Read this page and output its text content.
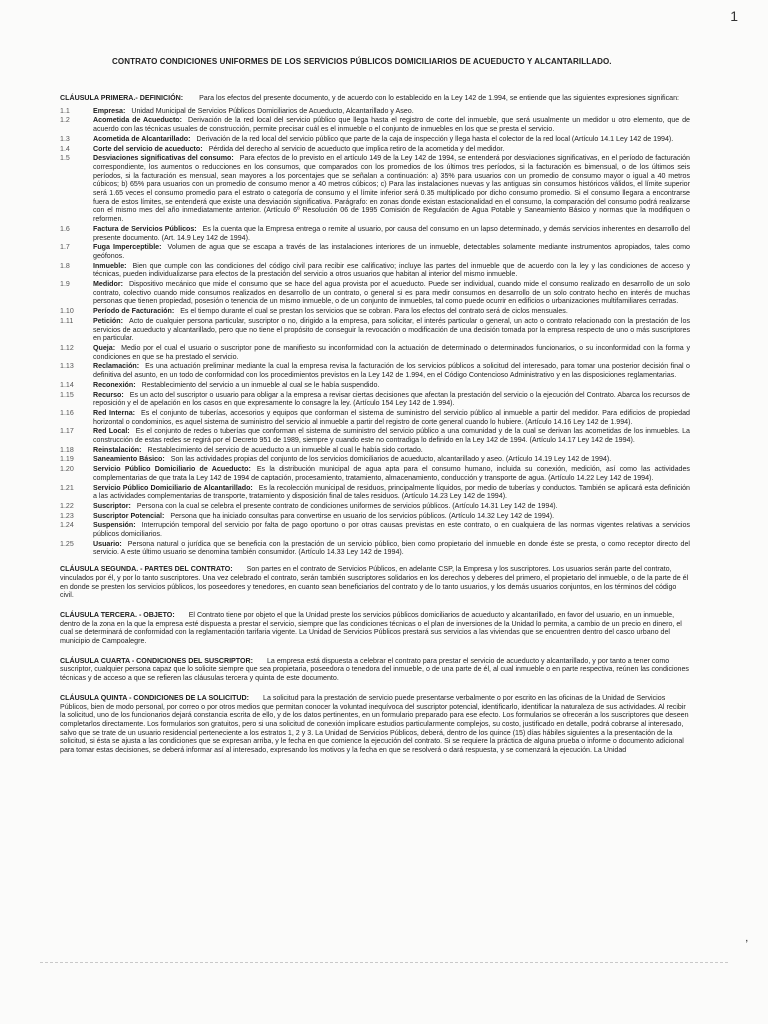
1
CONTRATO CONDICIONES UNIFORMES DE LOS SERVICIOS PÚBLICOS DOMICILIARIOS DE ACUEDUCTO Y ALCANTARILLADO.
CLÁUSULA PRIMERA.- DEFINICIÓN: Para los efectos del presente documento, y de acuerdo con lo establecido en la Ley 142 de 1.994, se entiende que las siguientes expresiones significan:
1.1	Empresa: Unidad Municipal de Servicios Públicos Domiciliarios de Acueducto, Alcantarillado y Aseo.
1.2	Acometida de Acueducto: Derivación de la red local del servicio público que llega hasta el registro de corte del inmueble, que será usualmente un medidor u otro elemento, que de acuerdo con las técnicas usuales de construcción, permite precisar cuál es el inmueble o el conjunto de inmuebles en los que se presta el servicio.
1.3	Acometida de Alcantarillado: Derivación de la red local del servicio público que parte de la caja de inspección y llega hasta el colector de la red local (Artículo 14.1 Ley 142 de 1994).
1.4	Corte del servicio de acueducto: Pérdida del derecho al servicio de acueducto que implica retiro de la acometida y del medidor.
1.5	Desviaciones significativas del consumo: Para efectos de lo previsto en el artículo 149 de la Ley 142 de 1994, se entenderá por desviaciones significativas, en el período de facturación correspondiente, los aumentos o reducciones en los consumos, que comparados con los promedios de los últimos tres períodos, si la facturación es bimensual, o de los últimos seis períodos, si la facturación es mensual, sean mayores a los porcentajes que se señalan a continuación: a) 35% para usuarios con un promedio de consumo mayor o igual a 40 metros cúbicos; b) 65% para usuarios con un promedio de consumo menor a 40 metros cúbicos; c) Para las instalaciones nuevas y las antiguas sin consumos históricos válidos, el límite superior será 1.65 veces el consumo promedio para el estrato o categoría de consumo y el límite inferior será 0.35 multiplicado por dicho consumo promedio. Si el consumo llegara a encontrarse fuera de estos límites, se entenderá que existe una desviación significativa. Parágrafo: en zonas donde existan estacionalidad en el consumo, la comparación del consumo podrá realizarse con el mismo mes del año inmediatamente anterior. (Artículo 6º Resolución 06 de 1995 Comisión de Regulación de Agua Potable y Saneamiento Básico y normas que la modifiquen o reformen.
1.6	Factura de Servicios Públicos: Es la cuenta que la Empresa entrega o remite al usuario, por causa del consumo en un lapso determinado, y demás servicios inherentes en desarrollo del presente documento. (Art. 14.9 Ley 142 de 1994).
1.7	Fuga Imperceptible: Volumen de agua que se escapa a través de las instalaciones interiores de un inmueble, detectables solamente mediante instrumentos apropiados, tales como geófonos.
1.8	Inmueble: Bien que cumple con las condiciones del código civil para recibir ese calificativo; incluye las partes del inmueble que de acuerdo con la ley y las condiciones de acceso y técnicas, pueden individualizarse para efectos de la prestación del servicio a otros usuarios que habitan al interior del mismo inmueble.
1.9	Medidor: Dispositivo mecánico que mide el consumo que se hace del agua provista por el acueducto. Puede ser individual, cuando mide el consumo realizado en desarrollo de un solo contrato, colectivo cuando mide consumos realizados en desarrollo de un contrato, o general si es para medir consumos en desarrollo de un solo contrato hecho en interés de muchas personas que tienen propiedad, posesión o tenencia de un mismo inmueble, o de un conjunto de inmuebles, tal como puede ocurrir en edificios o urbanizaciones multifamiliares cerradas.
1.10	Período de Facturación: Es el tiempo durante el cual se prestan los servicios que se cobran. Para los efectos del contrato será de ciclos mensuales.
1.11	Petición: Acto de cualquier persona particular, suscriptor o no, dirigido a la empresa, para solicitar, el interés particular o general, un acto o contrato relacionado con la prestación de los servicios de acueducto y alcantarillado, pero que no tiene el propósito de conseguir la revocación o modificación de una decisión tomada por la empresa respecto de uno o más suscriptores en particular.
1.12	Queja: Medio por el cual el usuario o suscriptor pone de manifiesto su inconformidad con la actuación de determinado o determinados funcionarios, o su inconformidad con la forma y condiciones en que se ha prestado el servicio.
1.13	Reclamación: Es una actuación preliminar mediante la cual la empresa revisa la facturación de los servicios públicos a solicitud del interesado, para tomar una posterior decisión final o definitiva del asunto, en un todo de conformidad con los procedimientos previstos en la Ley 142 de 1.994, en el Código Contencioso Administrativo y en las disposiciones reglamentarias.
1.14	Reconexión: Restablecimiento del servicio a un inmueble al cual se le había suspendido.
1.15	Recurso: Es un acto del suscriptor o usuario para obligar a la empresa a revisar ciertas decisiones que afectan la prestación del servicio o la ejecución del Contrato. Abarca los recursos de reposición y el de apelación en los casos en que expresamente lo consagre la ley. (Artículo 154 Ley 142 de 1.994).
1.16	Red Interna: Es el conjunto de tuberías, accesorios y equipos que conforman el sistema de suministro del servicio público al inmueble a partir del medidor. Para edificios de propiedad horizontal o condominios, es aquel sistema de suministro del servicio al inmueble a partir del registro de corte general cuando lo hubiere. (Artículo 14.16 Ley 142 de 1.994).
1.17	Red Local: Es el conjunto de redes o tuberías que conforman el sistema de suministro del servicio público a una comunidad y de la cual se derivan las acometidas de los inmuebles. La construcción de estas redes se regirá por el Decreto 951 de 1989, siempre y cuando este no contradiga lo definido en la Ley 142 de 1994. (Artículo 14.17 Ley 142 de 1994).
1.18	Reinstalación: Restablecimiento del servicio de acueducto a un inmueble al cual le había sido cortado.
1.19	Saneamiento Básico: Son las actividades propias del conjunto de los servicios domiciliarios de acueducto, alcantarillado y aseo. (Artículo 14.19 Ley 142 de 1994).
1.20	Servicio Público Domiciliario de Acueducto: Es la distribución municipal de agua apta para el consumo humano, incluida su conexión, medición, así como las actividades complementarias de que trata la Ley 142 de 1994 de captación, procesamiento, tratamiento, almacenamiento, conducción y transporte de agua. (Artículo 14.22 Ley 142 de 1994).
1.21	Servicio Público Domiciliario de Alcantarillado: Es la recolección municipal de residuos, principalmente líquidos, por medio de tuberías y conductos. También se aplicará esta definición a las actividades complementarias de transporte, tratamiento y disposición final de tales residuos. (Artículo 14.23 Ley 142 de 1994).
1.22	Suscriptor: Persona con la cual se celebra el presente contrato de condiciones uniformes de servicios públicos. (Artículo 14.31 Ley 142 de 1994).
1.23	Suscriptor Potencial: Persona que ha iniciado consultas para convertirse en usuario de los servicios públicos. (Artículo 14.32 Ley 142 de 1994).
1.24	Suspensión: Interrupción temporal del servicio por falta de pago oportuno o por otras causas previstas en este contrato, o en cualquiera de las normas vigentes relativas a servicios públicos domiciliarios.
1.25	Usuario: Persona natural o jurídica que se beneficia con la prestación de un servicio público, bien como propietario del inmueble en donde éste se presta, o como receptor directo del servicio. A este último usuario se denomina también consumidor. (Artículo 14.33 Ley 142 de 1994).
CLÁUSULA SEGUNDA. - PARTES DEL CONTRATO: Son partes en el contrato de Servicios Públicos, en adelante CSP, la Empresa y los suscriptores. Los usuarios serán parte del contrato, vinculados por él, y por lo tanto suscriptores. Una vez celebrado el contrato, serán también suscriptores solidarios en los derechos y deberes del primero, el propietario del inmueble, o de la parte de él en donde se presten los servicios públicos, los poseedores y tenedores, en cuanto sean beneficiarios del contrato y de lo tanto usuarios, y los demás usuarios conjuntos, en los términos del código civil.
CLÁUSULA TERCERA. - OBJETO: El Contrato tiene por objeto el que la Unidad preste los servicios públicos domiciliarios de acueducto y alcantarillado, en favor del usuario, en un inmueble, dentro de la zona en la que la empresa esté dispuesta a prestar el servicio, siempre que las condiciones técnicas o el plan de inversiones de la Unidad lo permita, a cambio de un precio en dinero, el cual se determinará de conformidad con la reglamentación tarifaria vigente. La Unidad de Servicios Públicos prestará sus servicios a las viviendas que se encuentren dentro del casco urbano del municipio de Campoalegre.
CLÁUSULA CUARTA - CONDICIONES DEL SUSCRIPTOR: La empresa está dispuesta a celebrar el contrato para prestar el servicio de acueducto y alcantarillado, y por tanto a tener como suscriptor, cualquier persona capaz que lo solicite siempre que sea propietaria, poseedora o tenedora del inmueble, o de una parte de él, al cual inmueble o en parte respectiva, reúnen las condiciones técnicas y de acceso a que se refieren las cláusulas tercera y quinta de este documento.
CLÁUSULA QUINTA - CONDICIONES DE LA SOLICITUD: La solicitud para la prestación de servicio puede presentarse verbalmente o por escrito en las oficinas de la Unidad de Servicios Públicos, bien de modo personal, por correo o por otros medios que permitan conocer la voluntad inequívoca del suscriptor potencial, identificarlo, identificar la naturaleza de sus actividades. Al recibir la solicitud, uno de los funcionarios dejará constancia escrita de ello, y de los datos pertinentes, en un formulario preparado para ese efecto. Los formularios se ofrecerán a los suscriptores que deseen completarlos directamente. Los formularios son gratuitos, pero si una solicitud de conexión implicare estudios particularmente complejos, su costo, justificado en detalle, podrá cobrarse al interesado, salvo que se trate de un usuario residencial perteneciente a los estratos 1, 2 y 3. La Unidad de Servicios Públicos, deberá, dentro de los quince (15) días hábiles siguientes a la presentación de la solicitud, si ésta se ajusta a las condiciones que se expresan arriba, y le fecha en que comience la ejecución del contrato. Si se requiere la práctica de alguna prueba o informe o documento adicional para tomar estas decisiones, se deberá informar así al interesado, expresando los motivos y la fecha en que se resolverá o dará respuesta, y se comenzará la ejecución. La Unidad
‚
